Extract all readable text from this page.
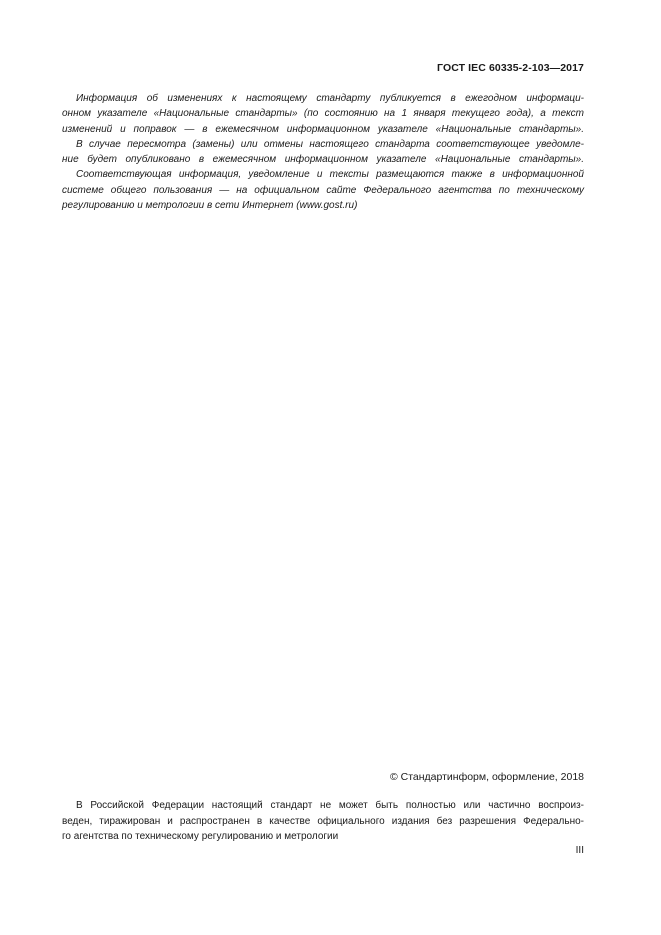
ГОСТ IEC 60335-2-103—2017
Информация об изменениях к настоящему стандарту публикуется в ежегодном информаци-
онном указателе «Национальные стандарты» (по состоянию на 1 января текущего года), а текст
изменений и поправок — в ежемесячном информационном указателе «Национальные стандарты».
В случае пересмотра (замены) или отмены настоящего стандарта соответствующее уведомле-
ние будет опубликовано в ежемесячном информационном указателе «Национальные стандарты».
Соответствующая информация, уведомление и тексты размещаются также в информационной
системе общего пользования — на официальном сайте Федерального агентства по техническому
регулированию и метрологии в сети Интернет (www.gost.ru)
© Стандартинформ, оформление, 2018
В Российской Федерации настоящий стандарт не может быть полностью или частично воспроиз-
веден, тиражирован и распространен в качестве официального издания без разрешения Федерально-
го агентства по техническому регулированию и метрологии
III
